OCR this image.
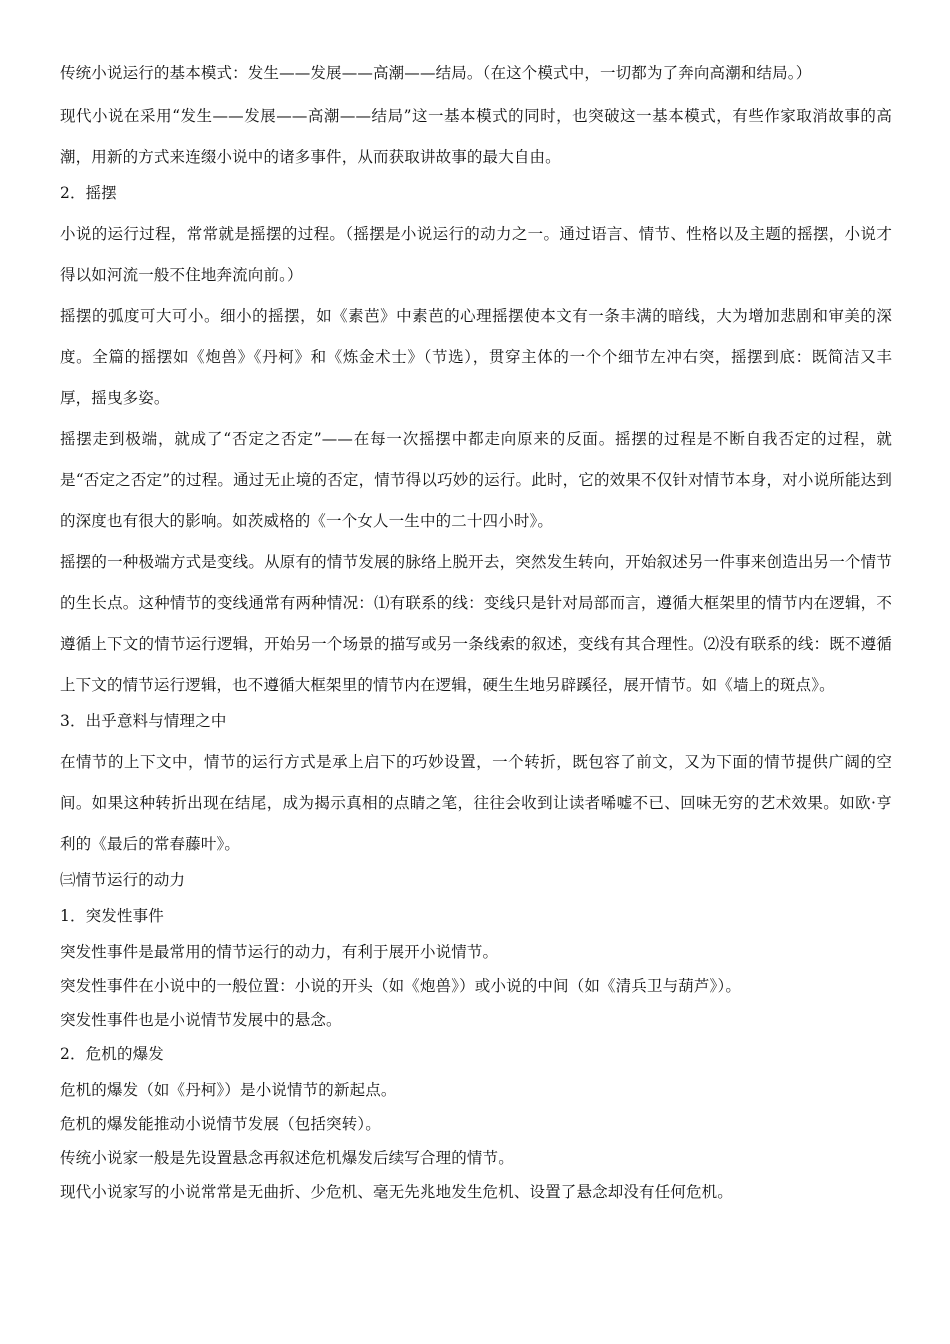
传统小说运行的基本模式：发生——发展——高潮——结局。（在这个模式中，一切都为了奔向高潮和结局。）
现代小说在采用“发生——发展——高潮——结局”这一基本模式的同时，也突破这一基本模式，有些作家取消故事的高潮，用新的方式来连缀小说中的诸多事件，从而获取讲故事的最大自由。
2．摇摆
小说的运行过程，常常就是摇摆的过程。（摇摆是小说运行的动力之一。通过语言、情节、性格以及主题的摇摆，小说才得以如河流一般不住地奔流向前。）
摇摆的弧度可大可小。细小的摇摆，如《素芭》中素芭的心理摇摆使本文有一条丰满的暗线，大为增加悲剧和审美的深度。全篇的摇摆如《炮兽》《丹柯》和《炼金术士》（节选），贯穿主体的一个个细节左冲右突，摇摆到底：既简洁又丰厚，摇曳多姿。
摇摆走到极端，就成了“否定之否定”——在每一次摇摆中都走向原来的反面。摇摆的过程是不断自我否定的过程，就是“否定之否定”的过程。通过无止境的否定，情节得以巧妙的运行。此时，它的效果不仅针对情节本身，对小说所能达到的深度也有很大的影响。如茨威格的《一个女人一生中的二十四小时》。
摇摆的一种极端方式是变线。从原有的情节发展的脉络上脱开去，突然发生转向，开始叙述另一件事来创造出另一个情节的生长点。这种情节的变线通常有两种情况：⑴有联系的线：变线只是针对局部而言，遵循大框架里的情节内在逻辑，不遵循上下文的情节运行逻辑，开始另一个场景的描写或另一条线索的叙述，变线有其合理性。⑵没有联系的线：既不遵循上下文的情节运行逻辑，也不遵循大框架里的情节内在逻辑，硬生生地另辟蹊径，展开情节。如《墙上的斑点》。
3．出乎意料与情理之中
在情节的上下文中，情节的运行方式是承上启下的巧妙设置，一个转折，既包容了前文，又为下面的情节提供广阔的空间。如果这种转折出现在结尾，成为揭示真相的点睛之笔，往往会收到让读者唏嘘不已、回味无穷的艺术效果。如欧·亨利的《最后的常春藤叶》。
㈢情节运行的动力
1．突发性事件
突发性事件是最常用的情节运行的动力，有利于展开小说情节。
突发性事件在小说中的一般位置：小说的开头（如《炮兽》）或小说的中间（如《清兵卫与葫芦》）。
突发性事件也是小说情节发展中的悬念。
2．危机的爆发
危机的爆发（如《丹柯》）是小说情节的新起点。
危机的爆发能推动小说情节发展（包括突转）。
传统小说家一般是先设置悬念再叙述危机爆发后续写合理的情节。
现代小说家写的小说常常是无曲折、少危机、毫无先兆地发生危机、设置了悬念却没有任何危机。
